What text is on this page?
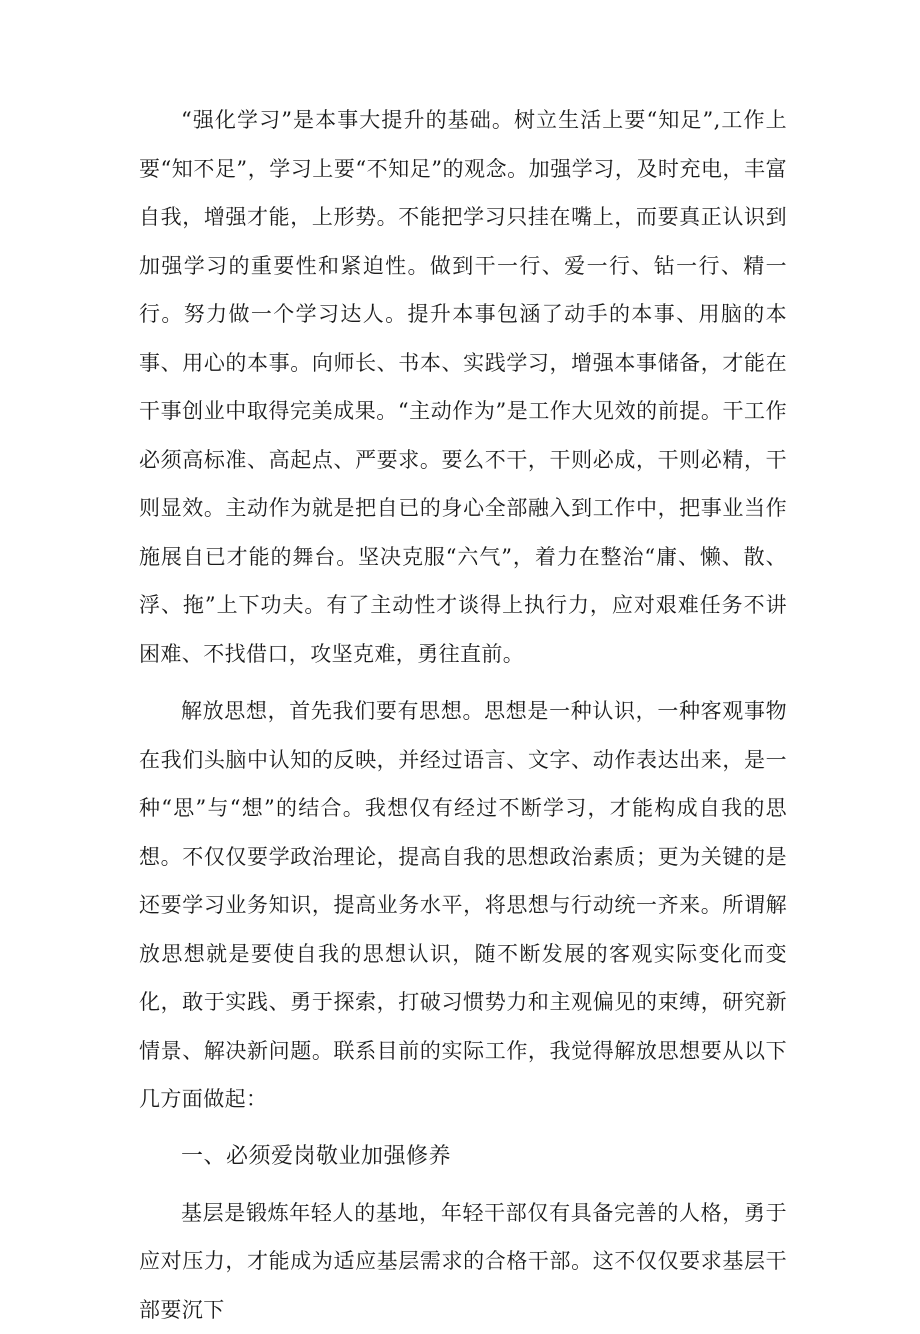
“强化学习”是本事大提升的基础。树立生活上要“知足”,工作上要“知不足”，学习上要“不知足”的观念。加强学习，及时充电，丰富自我，增强才能，上形势。不能把学习只挂在嘴上，而要真正认识到加强学习的重要性和紧迫性。做到干一行、爱一行、钻一行、精一行。努力做一个学习达人。提升本事包涵了动手的本事、用脑的本事、用心的本事。向师长、书本、实践学习，增强本事储备，才能在干事创业中取得完美成果。“主动作为”是工作大见效的前提。干工作必须高标准、高起点、严要求。要么不干，干则必成，干则必精，干则显效。主动作为就是把自已的身心全部融入到工作中，把事业当作施展自已才能的舞台。坚决克服“六气”，着力在整治“庸、懒、散、浮、拖”上下功夫。有了主动性才谈得上执行力，应对艰难任务不讲困难、不找借口，攻坚克难，勇往直前。

解放思想，首先我们要有思想。思想是一种认识，一种客观事物在我们头脑中认知的反映，并经过语言、文字、动作表达出来，是一种“思”与“想”的结合。我想仅有经过不断学习，才能构成自我的思想。不仅仅要学政治理论，提高自我的思想政治素质；更为关键的是还要学习业务知识，提高业务水平，将思想与行动统一齐来。所谓解放思想就是要使自我的思想认识，随不断发展的客观实际变化而变化，敢于实践、勇于探索，打破习惯势力和主观偏见的束缚，研究新情景、解决新问题。联系目前的实际工作，我觉得解放思想要从以下几方面做起：

一、必须爱岗敬业加强修养

基层是锻炼年轻人的基地，年轻干部仅有具备完善的人格，勇于应对压力，才能成为适应基层需求的合格干部。这不仅仅要求基层干部要沉下
